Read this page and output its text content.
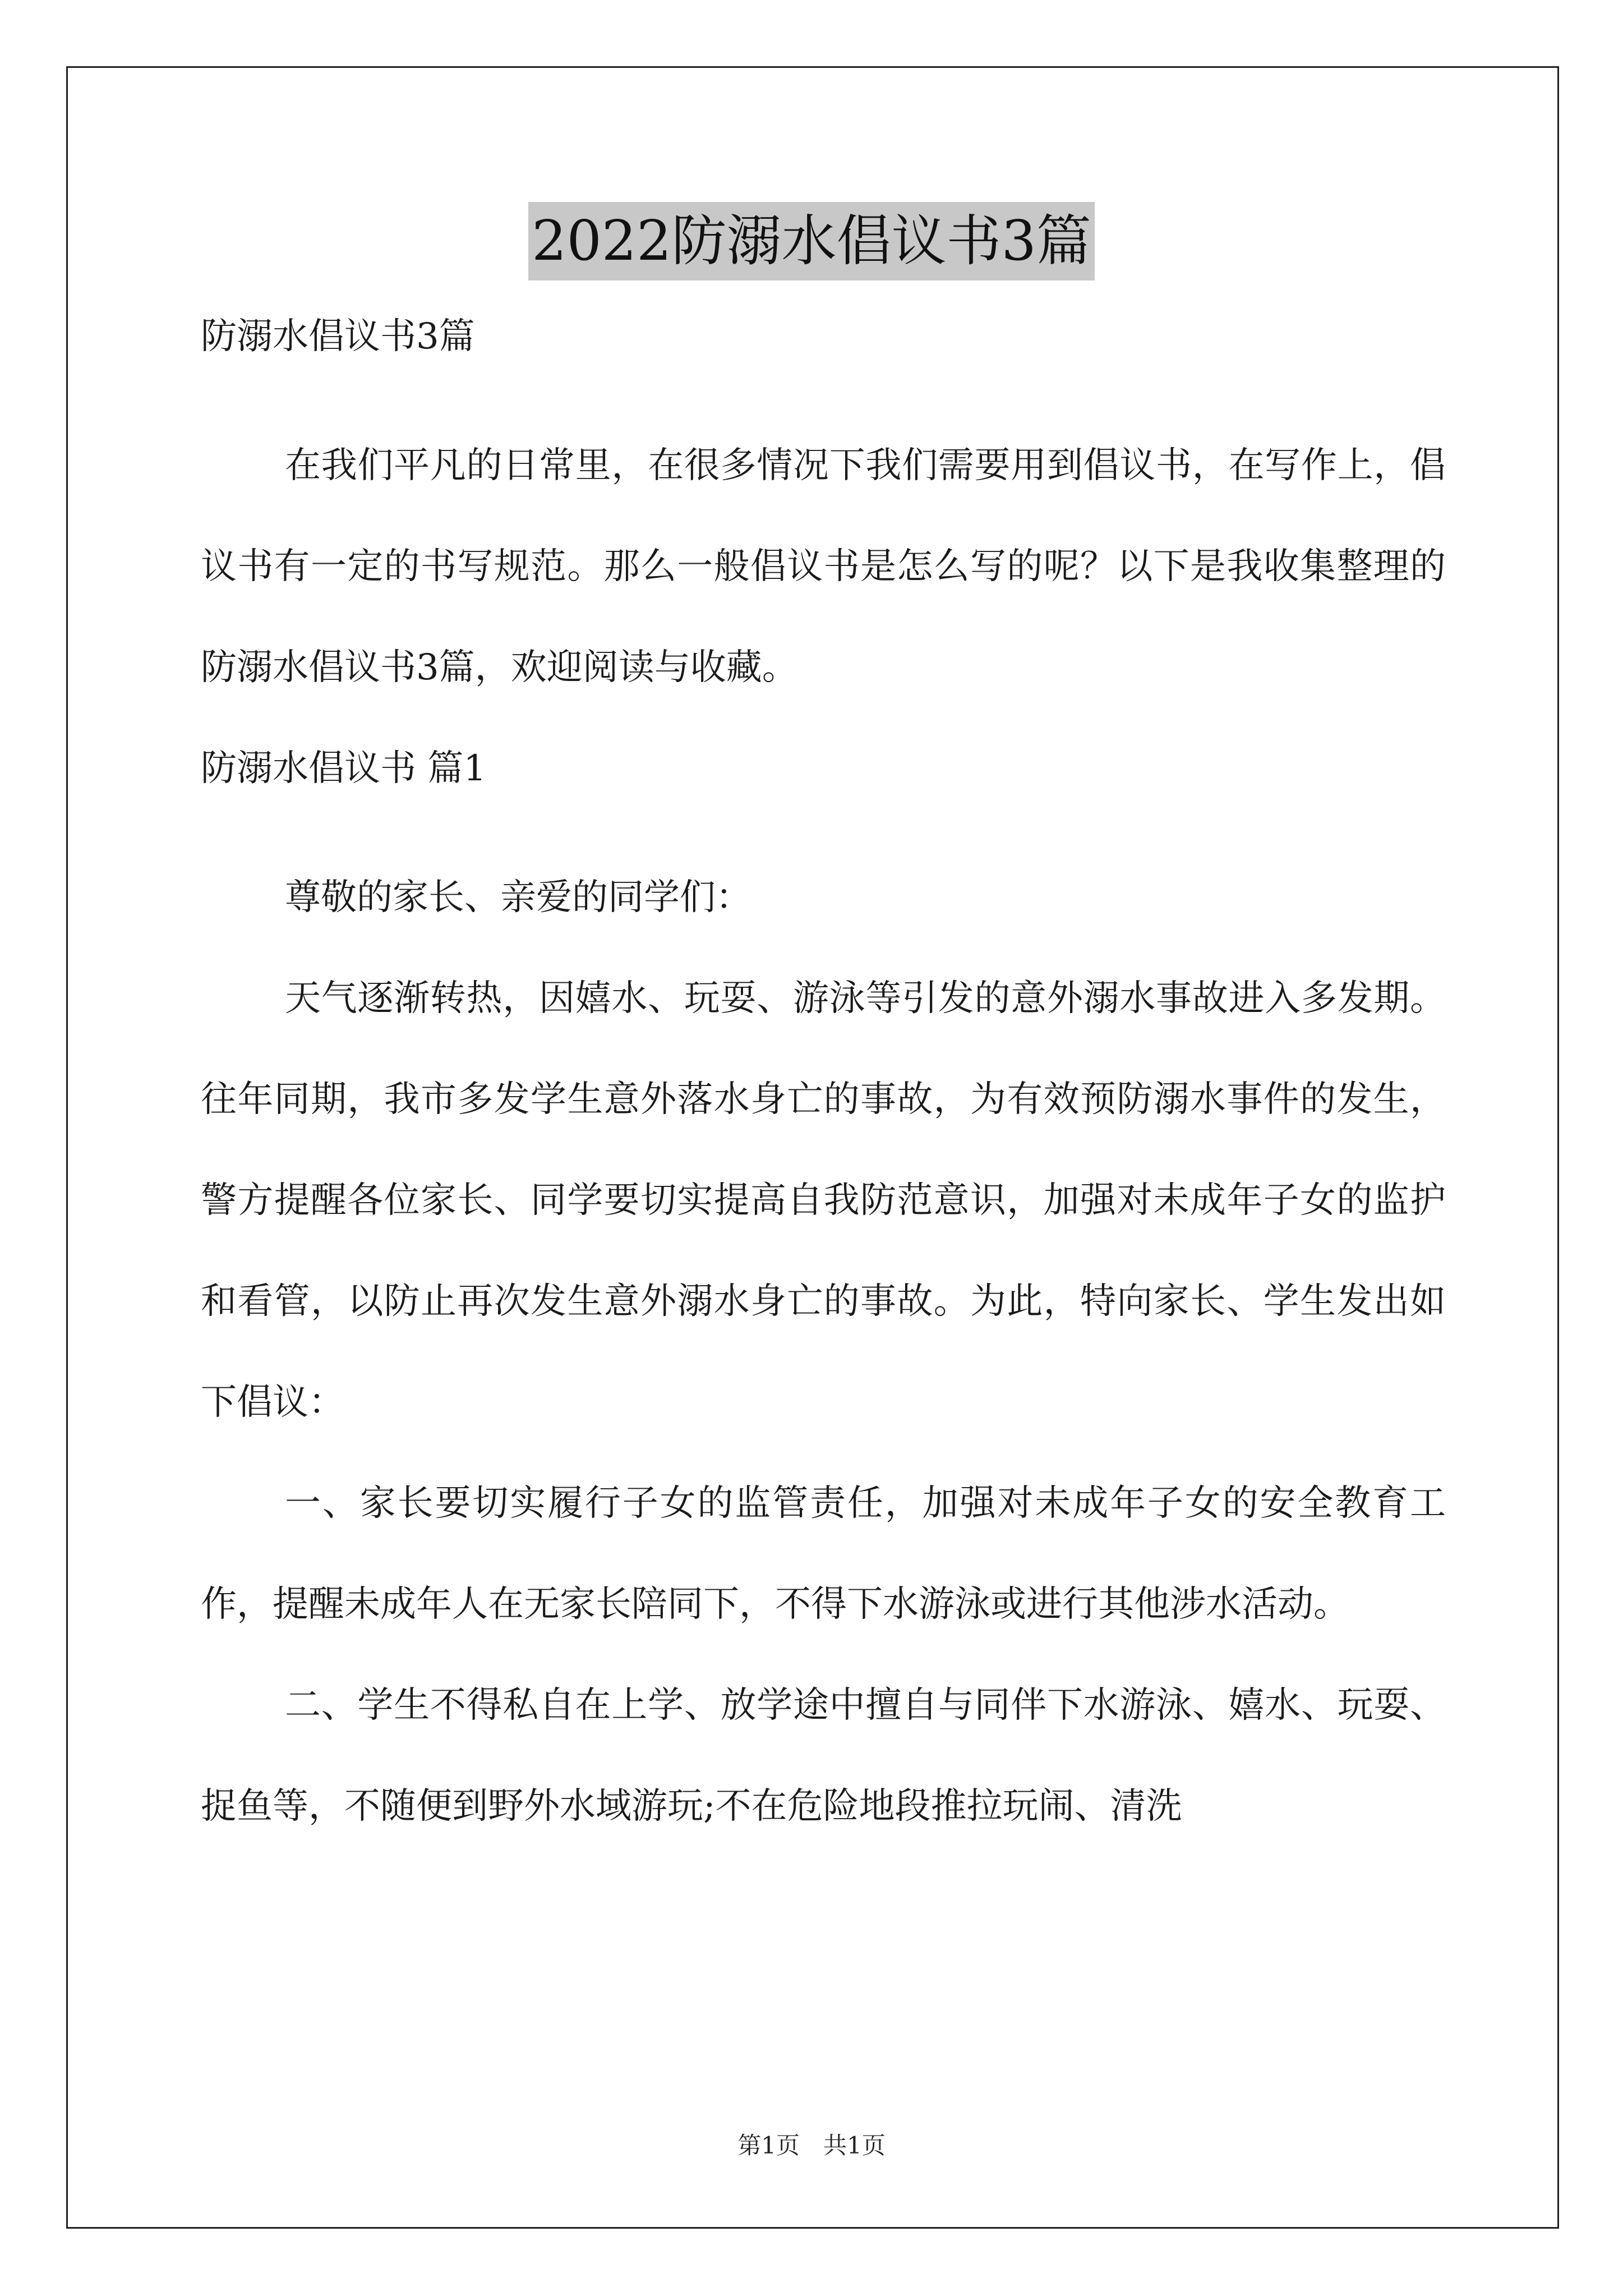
2022防溺水倡议书3篇
防溺水倡议书3篇

在我们平凡的日常里，在很多情况下我们需要用到倡议书，在写作上，倡议书有一定的书写规范。那么一般倡议书是怎么写的呢？以下是我收集整理的防溺水倡议书3篇，欢迎阅读与收藏。

防溺水倡议书 篇1

尊敬的家长、亲爱的同学们：

天气逐渐转热，因嬉水、玩耍、游泳等引发的意外溺水事故进入多发期。往年同期，我市多发学生意外落水身亡的事故，为有效预防溺水事件的发生，警方提醒各位家长、同学要切实提高自我防范意识，加强对未成年子女的监护和看管，以防止再次发生意外溺水身亡的事故。为此，特向家长、学生发出如下倡议：

一、家长要切实履行子女的监管责任，加强对未成年子女的安全教育工作，提醒未成年人在无家长陪同下，不得下水游泳或进行其他涉水活动。

二、学生不得私自在上学、放学途中擅自与同伴下水游泳、嬉水、玩耍、捉鱼等，不随便到野外水域游玩;不在危险地段推拉玩闹、清洗

第1页　共1页
